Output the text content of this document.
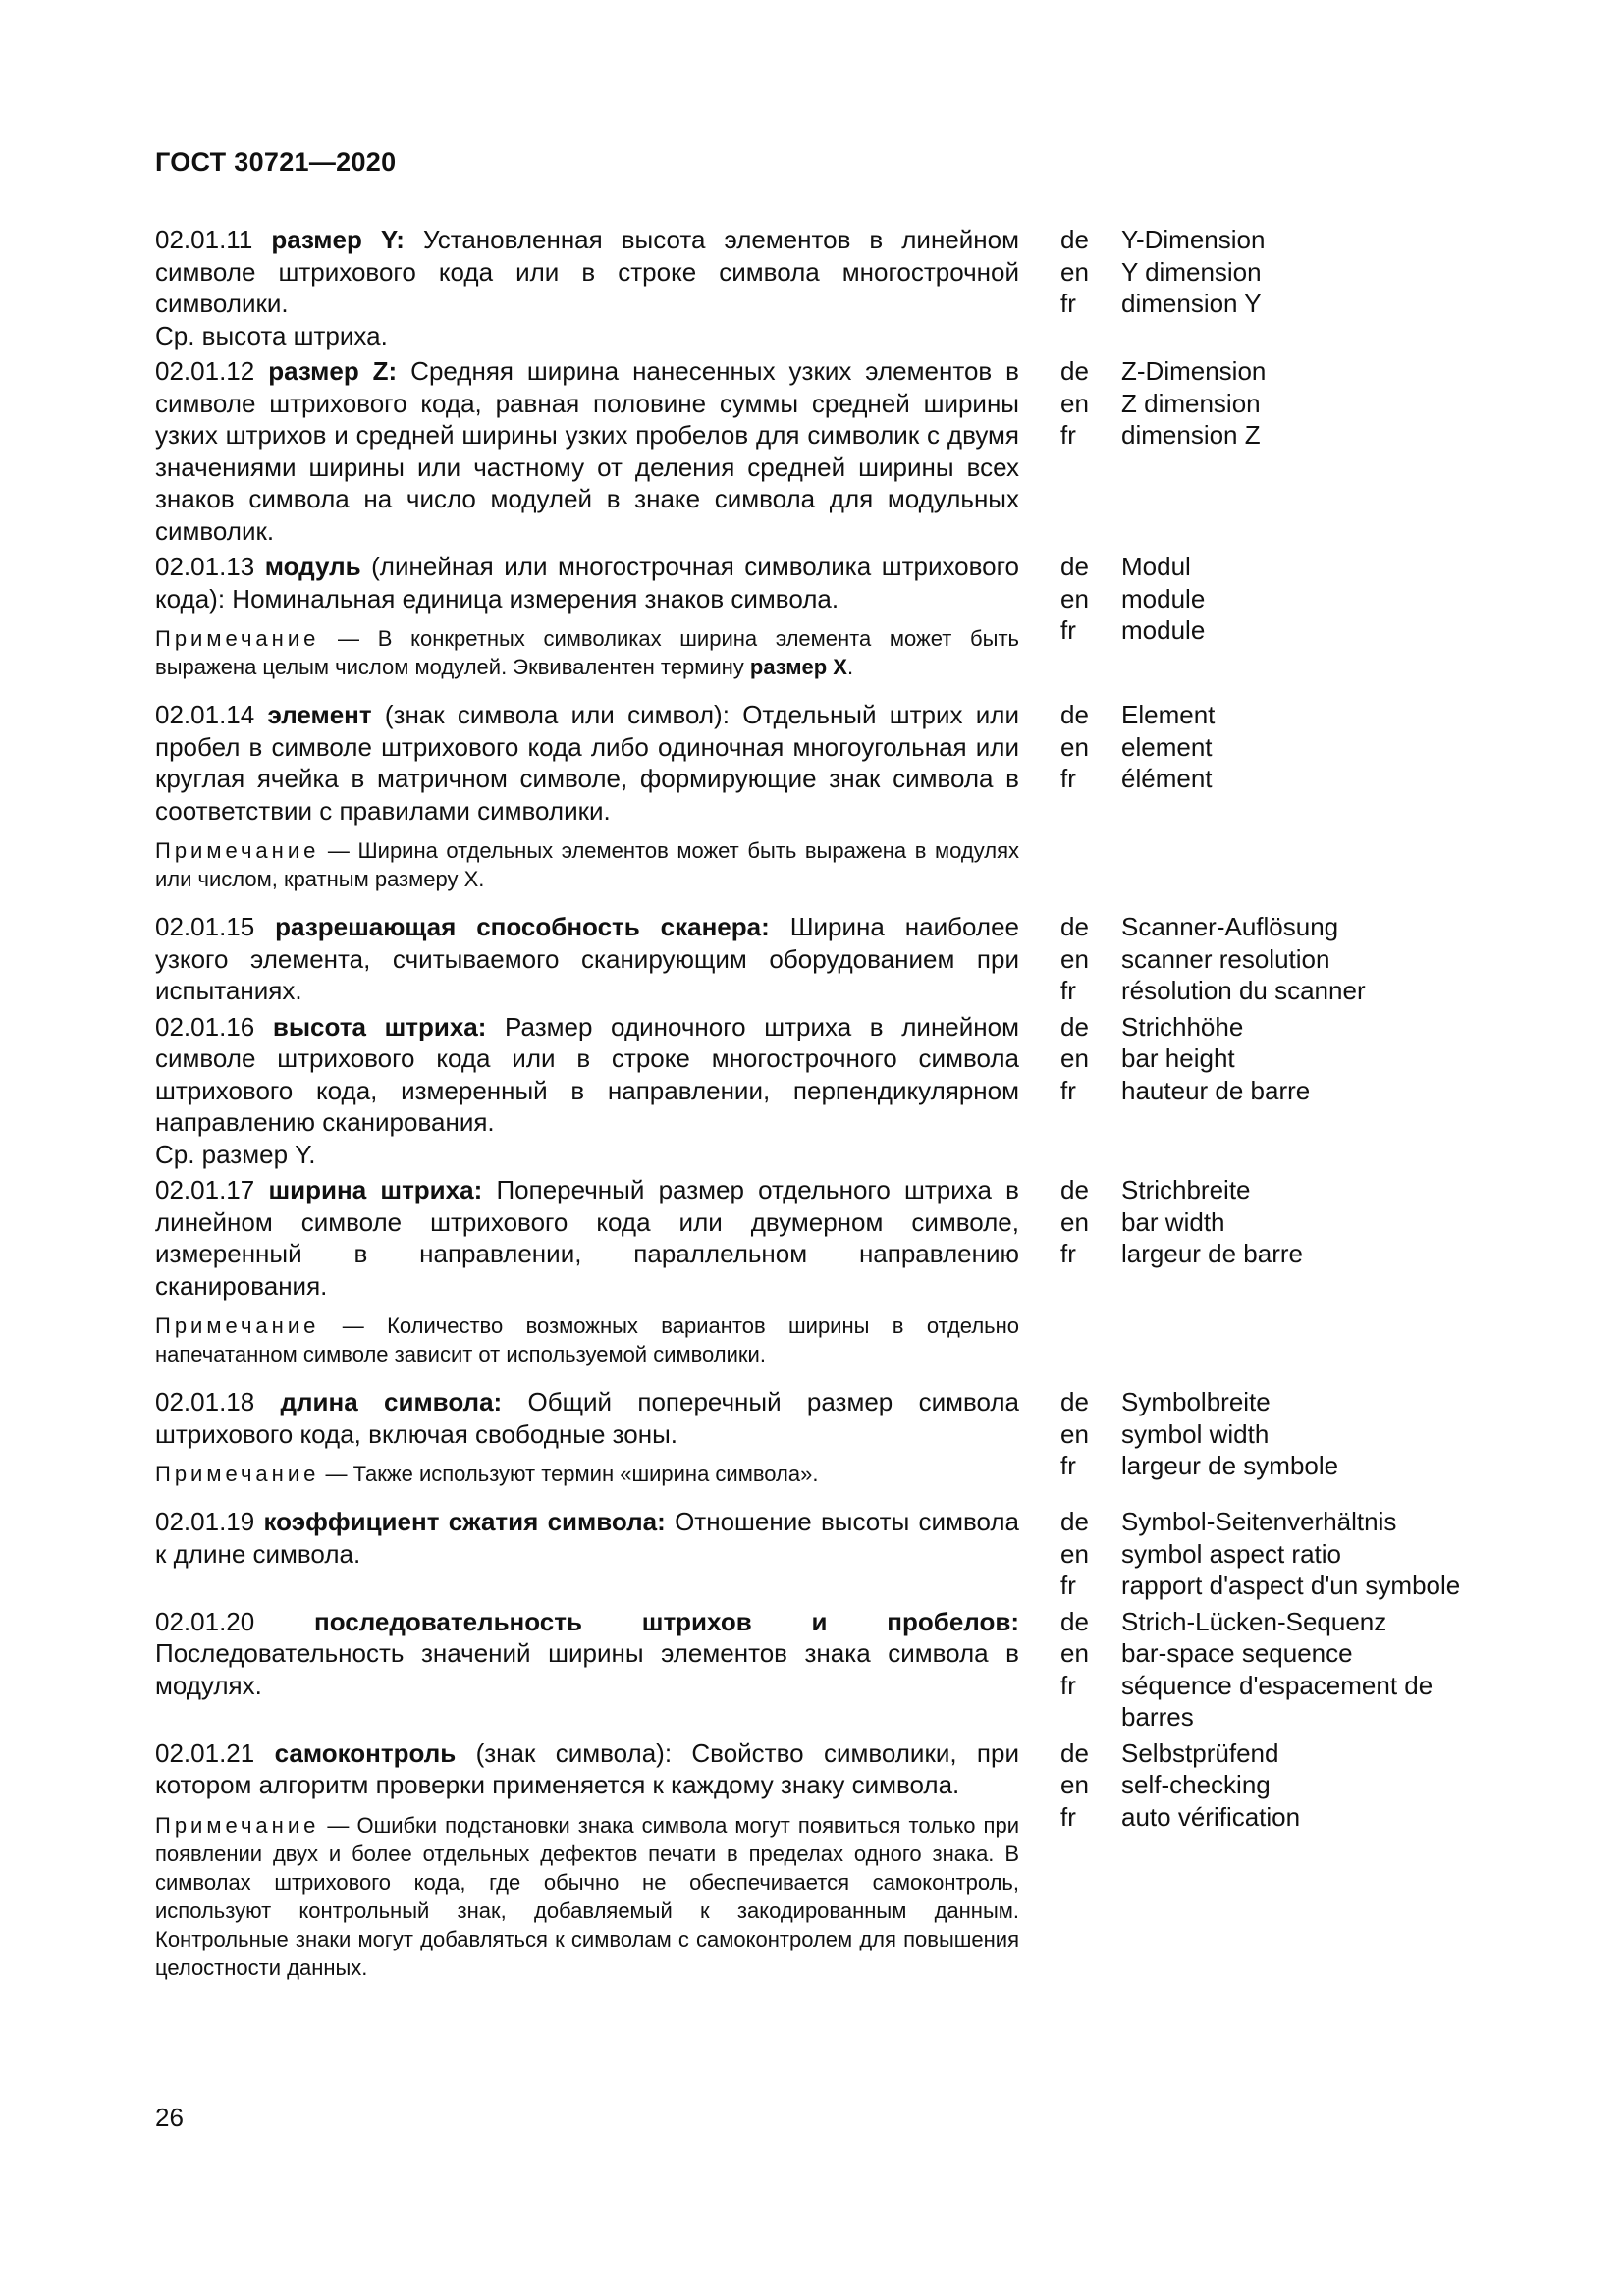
ГОСТ 30721—2020

02.01.11 размер Y: Установленная высота элементов в линейном символе штрихового кода или в строке символа многострочной символики.

Ср. высота штриха.

de	Y-Dimension
en	Y dimension
fr	dimension Y

02.01.12 размер Z: Средняя ширина нанесенных узких элементов в символе штрихового кода, равная половине суммы средней ширины узких штрихов и средней ширины узких пробелов для символик с двумя значениями ширины или частному от деления средней ширины всех знаков символа на число модулей в знаке символа для модульных символик.

de	Z-Dimension
en	Z dimension
fr	dimension Z

02.01.13 модуль (линейная или многострочная символика штрихового кода): Номинальная единица измерения знаков символа.

Примечание — В конкретных символиках ширина элемента может быть выражена целым числом модулей. Эквивалентен термину размер X.

de	Modul
en	module
fr	module

02.01.14 элемент (знак символа или символ): Отдельный штрих или пробел в символе штрихового кода либо одиночная многоугольная или круглая ячейка в матричном символе, формирующие знак символа в соответствии с правилами символики.

Примечание — Ширина отдельных элементов может быть выражена в модулях или числом, кратным размеру X.

de	Element
en	element
fr	élément

02.01.15 разрешающая способность сканера: Ширина наиболее узкого элемента, считываемого сканирующим оборудованием при испытаниях.

de	Scanner-Auflösung
en	scanner resolution
fr	résolution du scanner

02.01.16 высота штриха: Размер одиночного штриха в линейном символе штрихового кода или в строке многострочного символа штрихового кода, измеренный в направлении, перпендикулярном направлению сканирования.

Ср. размер Y.

de	Strichhöhe
en	bar height
fr	hauteur de barre

02.01.17 ширина штриха: Поперечный размер отдельного штриха в линейном символе штрихового кода или двумерном символе, измеренный в направлении, параллельном направлению сканирования.

Примечание — Количество возможных вариантов ширины в отдельно напечатанном символе зависит от используемой символики.

de	Strichbreite
en	bar width
fr	largeur de barre

02.01.18 длина символа: Общий поперечный размер символа штрихового кода, включая свободные зоны.

Примечание — Также используют термин «ширина символа».

de	Symbolbreite
en	symbol width
fr	largeur de symbole

02.01.19 коэффициент сжатия символа: Отношение высоты символа к длине символа.

de	Symbol-Seitenverhältnis
en	symbol aspect ratio
fr	rapport d'aspect d'un symbole

02.01.20 последовательность штрихов и пробелов: Последовательность значений ширины элементов знака символа в модулях.

de	Strich-Lücken-Sequenz
en	bar-space sequence
fr	séquence d'espacement de barres

02.01.21 самоконтроль (знак символа): Свойство символики, при котором алгоритм проверки применяется к каждому знаку символа.

Примечание — Ошибки подстановки знака символа могут появиться только при появлении двух и более отдельных дефектов печати в пределах одного знака. В символах штрихового кода, где обычно не обеспечивается самоконтроль, используют контрольный знак, добавляемый к закодированным данным. Контрольные знаки могут добавляться к символам с самоконтролем для повышения целостности данных.

de	Selbstprüfend
en	self-checking
fr	auto vérification
26
